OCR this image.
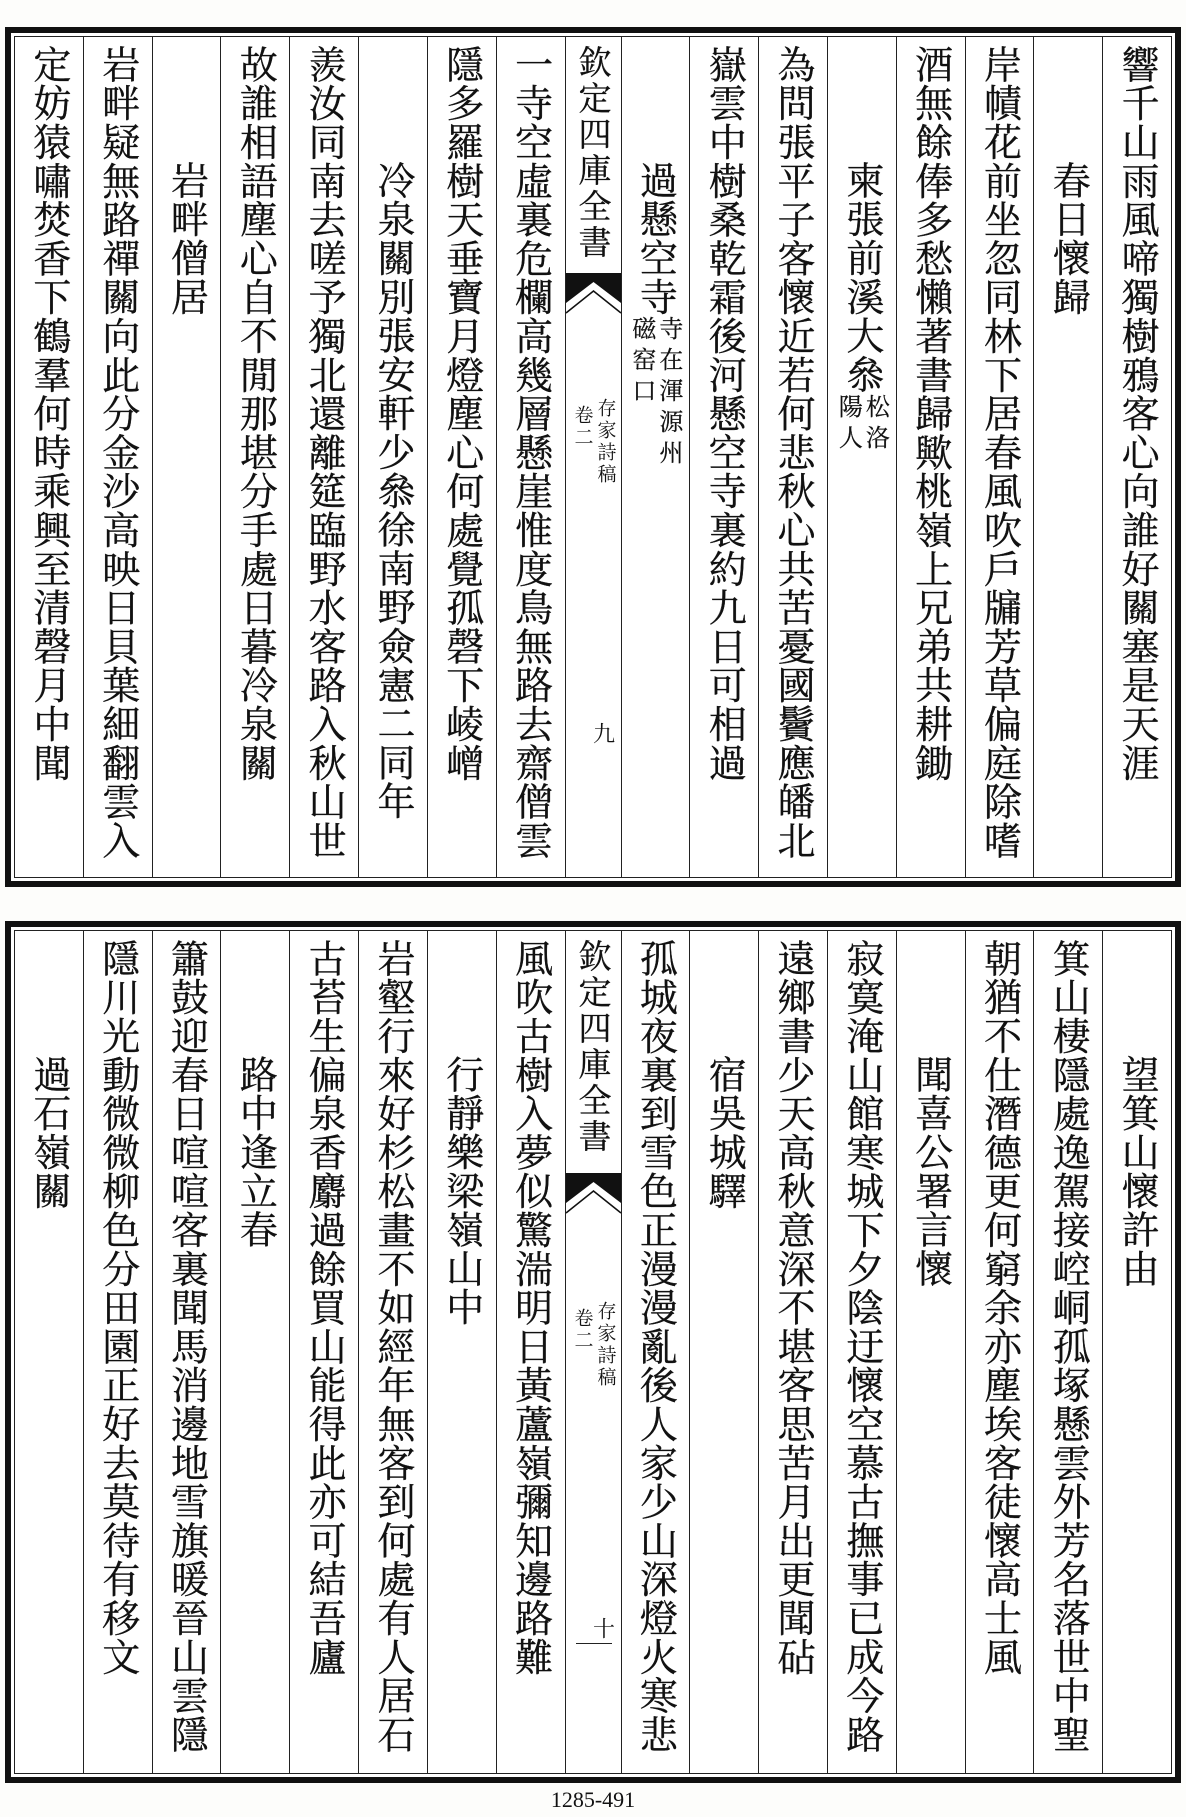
響千山雨風啼獨樹鴉客心向誰好關塞是天涯
春日懷歸
岸幘花前坐忽同林下居春風吹戶牖芳草偏庭除嗜
酒無餘俸多愁懶著書歸歟桃嶺上兄弟共耕鋤
柬張前溪大叅
松洛
陽人
為問張平子客懷近若何悲秋心共苦憂國鬢應皤北
嶽雲中樹桑乾霜後河懸空寺裏約九日可相過
過懸空寺
寺在渾源州
磁窑口
欽定四庫全書
存家詩稿
卷二
九
一寺空虛裏危欄高幾層懸崖惟度鳥無路去齋僧雲
隱多羅樹天垂寶月燈塵心何處覺孤磬下崚嶒
冷泉關別張安軒少叅徐南野僉憲二同年
羨汝同南去嗟予獨北還離筵臨野水客路入秋山世
故誰相語塵心自不閒那堪分手處日暮冷泉關
岩畔僧居
岩畔疑無路禪關向此分金沙高映日貝葉細翻雲入
定妨猿嘯焚香下鶴羣何時乘興至清磬月中聞
望箕山懷許由
箕山棲隱處逸駕接崆峒孤塚懸雲外芳名落世中聖
朝猶不仕潛德更何窮余亦塵埃客徒懷高士風
聞喜公署言懷
寂寞淹山館寒城下夕陰迂懷空慕古撫事已成今路
遠鄉書少天高秋意深不堪客思苦月出更聞砧
宿吳城驛
孤城夜裏到雪色正漫漫亂後人家少山深燈火寒悲
欽定四庫全書
存家詩稿
卷二
十
風吹古樹入夢似驚湍明日黃蘆嶺彌知邊路難
行靜樂梁嶺山中
岩壑行來好杉松畫不如經年無客到何處有人居石
古苔生偏泉香麝過餘買山能得此亦可結吾廬
路中逢立春
簫鼓迎春日喧喧客裏聞馬消邊地雪旗暖晉山雲隱
隱川光動微微柳色分田園正好去莫待有移文
過石嶺關
1285-491
